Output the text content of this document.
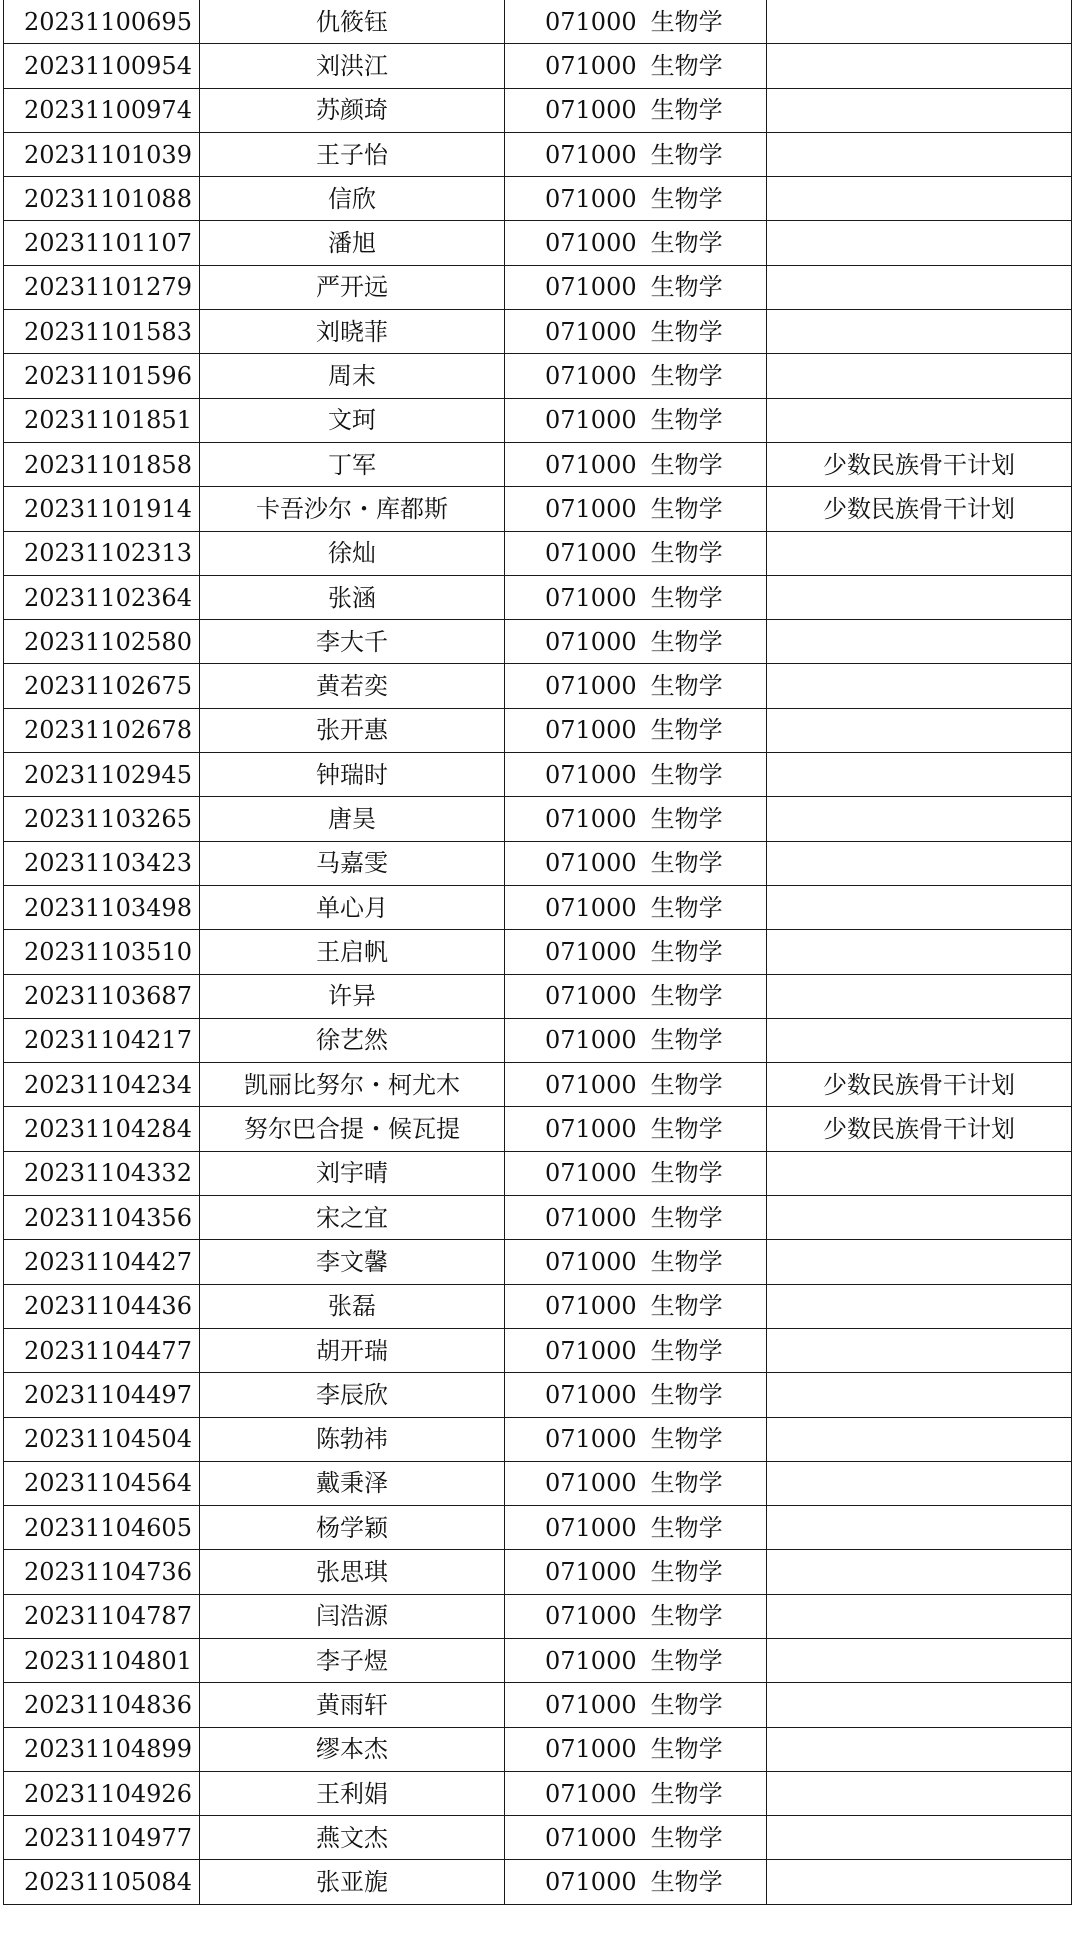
20231100695	仇筱钰	071000 生物学	
20231100954	刘洪江	071000 生物学	
20231100974	苏颜琦	071000 生物学	
20231101039	王子怡	071000 生物学	
20231101088	信欣	071000 生物学	
20231101107	潘旭	071000 生物学	
20231101279	严开远	071000 生物学	
20231101583	刘晓菲	071000 生物学	
20231101596	周末	071000 生物学	
20231101851	文珂	071000 生物学	
20231101858	丁军	071000 生物学	少数民族骨干计划
20231101914	卡吾沙尔・库都斯	071000 生物学	少数民族骨干计划
20231102313	徐灿	071000 生物学	
20231102364	张涵	071000 生物学	
20231102580	李大千	071000 生物学	
20231102675	黄若奕	071000 生物学	
20231102678	张开惠	071000 生物学	
20231102945	钟瑞时	071000 生物学	
20231103265	唐昊	071000 生物学	
20231103423	马嘉雯	071000 生物学	
20231103498	单心月	071000 生物学	
20231103510	王启帆	071000 生物学	
20231103687	许异	071000 生物学	
20231104217	徐艺然	071000 生物学	
20231104234	凯丽比努尔・柯尤木	071000 生物学	少数民族骨干计划
20231104284	努尔巴合提・候瓦提	071000 生物学	少数民族骨干计划
20231104332	刘宇晴	071000 生物学	
20231104356	宋之宜	071000 生物学	
20231104427	李文馨	071000 生物学	
20231104436	张磊	071000 生物学	
20231104477	胡开瑞	071000 生物学	
20231104497	李辰欣	071000 生物学	
20231104504	陈勃祎	071000 生物学	
20231104564	戴秉泽	071000 生物学	
20231104605	杨学颖	071000 生物学	
20231104736	张思琪	071000 生物学	
20231104787	闫浩源	071000 生物学	
20231104801	李子煜	071000 生物学	
20231104836	黄雨轩	071000 生物学	
20231104899	缪本杰	071000 生物学	
20231104926	王利娟	071000 生物学	
20231104977	燕文杰	071000 生物学	
20231105084	张亚旎	071000 生物学	
